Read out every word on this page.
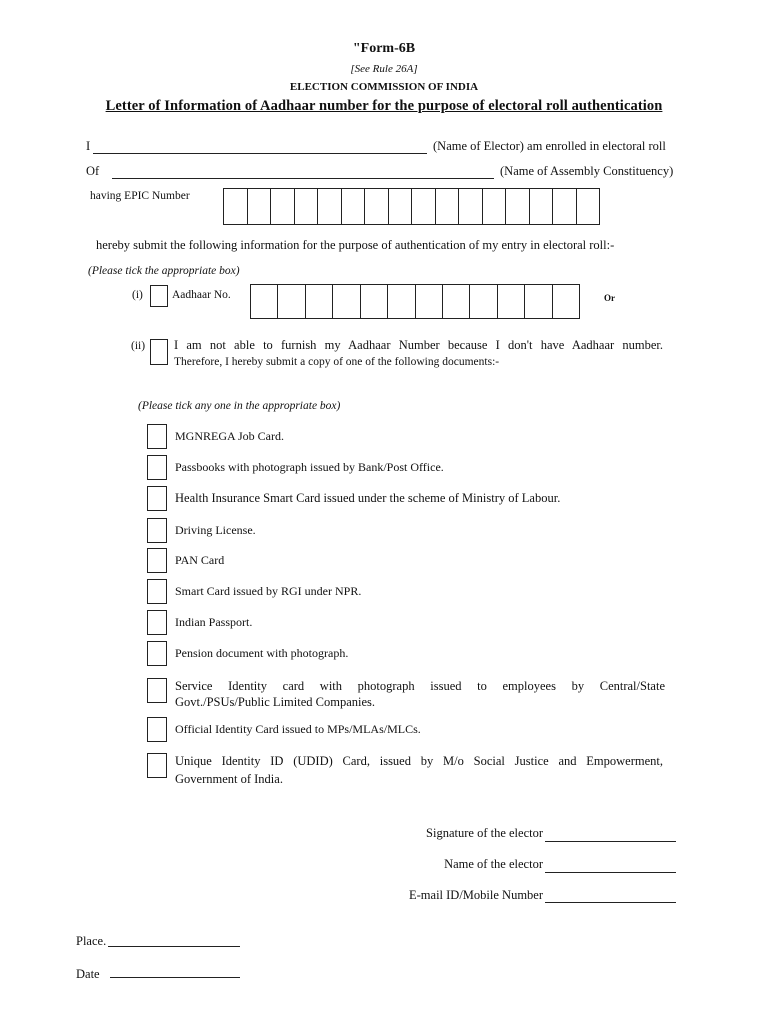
"Form-6B
[See Rule 26A]
ELECTION COMMISSION OF INDIA
Letter of Information of Aadhaar number for the purpose of electoral roll authentication
I	(Name of Elector) am enrolled in electoral roll
Of	(Name of Assembly Constituency)
having EPIC Number
hereby submit the following information for the purpose of authentication of my entry in electoral roll:-
(Please tick the appropriate box)
(i)	Aadhaar No.	Or
(ii) I am not able to furnish my Aadhaar Number because I don't have Aadhaar number.
Therefore, I hereby submit a copy of one of the following documents:-
(Please tick any one in the appropriate box)
MGNREGA Job Card.
Passbooks with photograph issued by Bank/Post Office.
Health Insurance Smart Card issued under the scheme of Ministry of Labour.
Driving License.
PAN Card
Smart Card issued by RGI under NPR.
Indian Passport.
Pension document with photograph.
Service Identity card with photograph issued to employees by Central/State
Govt./PSUs/Public Limited Companies.
Official Identity Card issued to MPs/MLAs/MLCs.
Unique Identity ID (UDID) Card, issued by M/o Social Justice and Empowerment,
Government of India.
Signature of the elector
Name of the elector
E-mail ID/Mobile Number
Place.
Date
